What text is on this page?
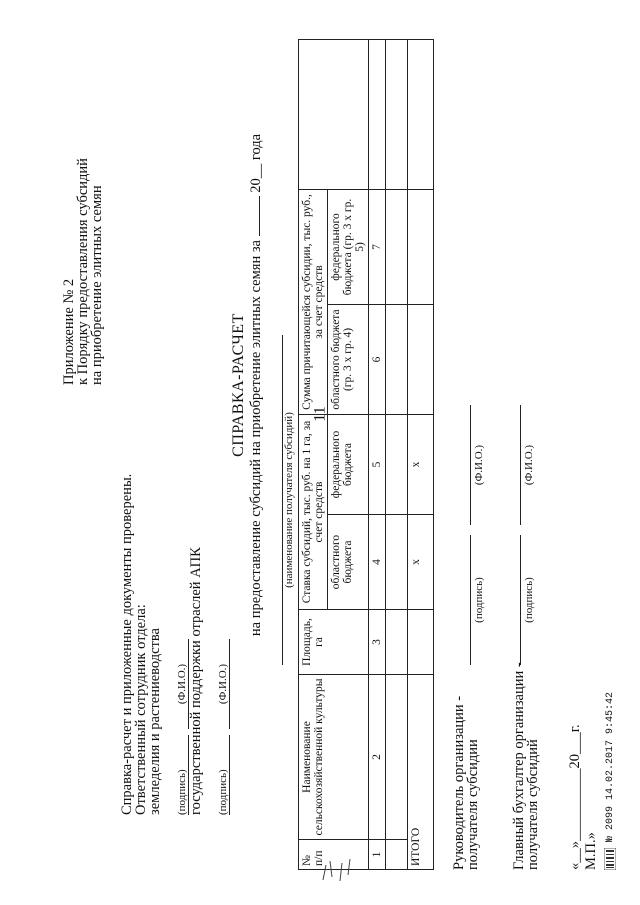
11
Приложение № 2
к Порядку предоставления субсидий
на приобретение элитных семян
Справка-расчет и приложенные документы проверены.
Ответственный сотрудник отдела:
земледелия и растениеводства (подпись)
(Ф.И.О.) государственной поддержки отраслей АПК (подпись)
(Ф.И.О.)
СПРАВКА-РАСЧЕТ на предоставление субсидий на приобретение элитных семян за  20__ года
(наименование получателя субсидий)
№ п/п	Наименование сельскохозяйственной культуры	Площадь, га	Ставка субсидий, тыс. руб. на 1 га, за счет средств		Сумма причитающейся субсидии, тыс. руб., за счет средств		
			областного бюджета	федерального бюджета	областного бюджета (гр. 3 х гр. 4)	федерального бюджета (гр. 3 х гр. 5)	
1	2	3	4	5	6	7	

ИТОГО			х	х			
Руководитель организации -
получателя субсидии
(подпись)
(Ф.И.О.)
Главный бухгалтер организации -
получателя субсидий
(подпись)
(Ф.И.О.)
«__»__________20___г. М.П.»
№ 2099 14.02.2017 9:45:42
